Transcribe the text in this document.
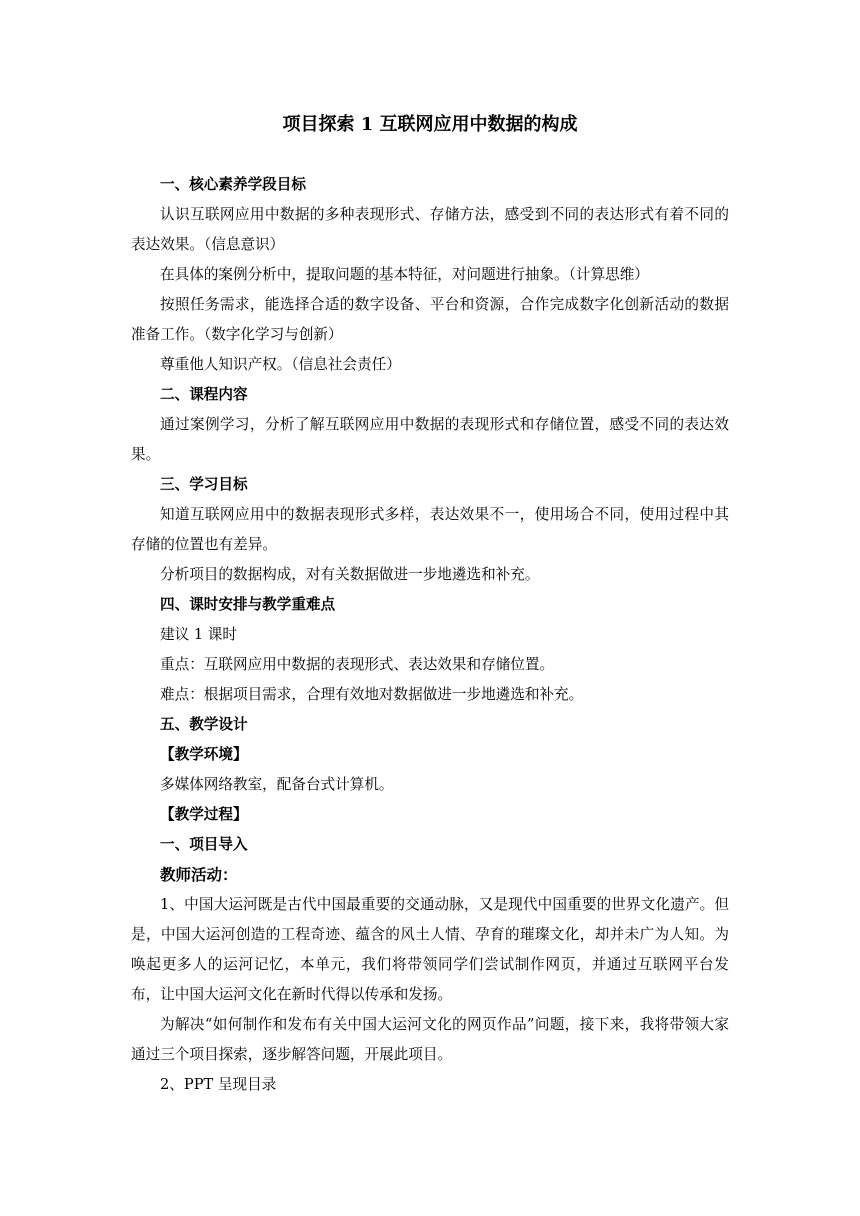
项目探索 1 互联网应用中数据的构成

一、核心素养学段目标

认识互联网应用中数据的多种表现形式、存储方法，感受到不同的表达形式有着不同的表达效果。（信息意识）

在具体的案例分析中，提取问题的基本特征，对问题进行抽象。（计算思维）

按照任务需求，能选择合适的数字设备、平台和资源，合作完成数字化创新活动的数据准备工作。（数字化学习与创新）

尊重他人知识产权。（信息社会责任）

二、课程内容

通过案例学习，分析了解互联网应用中数据的表现形式和存储位置，感受不同的表达效果。

三、学习目标

知道互联网应用中的数据表现形式多样，表达效果不一，使用场合不同，使用过程中其存储的位置也有差异。

分析项目的数据构成，对有关数据做进一步地遴选和补充。

四、课时安排与教学重难点

建议 1 课时

重点：互联网应用中数据的表现形式、表达效果和存储位置。

难点：根据项目需求，合理有效地对数据做进一步地遴选和补充。

五、教学设计

【教学环境】

多媒体网络教室，配备台式计算机。

【教学过程】

一、项目导入

教师活动：

1、中国大运河既是古代中国最重要的交通动脉，又是现代中国重要的世界文化遗产。但是，中国大运河创造的工程奇迹、蕴含的风土人情、孕育的璀璨文化，却并未广为人知。为唤起更多人的运河记忆，本单元，我们将带领同学们尝试制作网页，并通过互联网平台发布，让中国大运河文化在新时代得以传承和发扬。

为解决“如何制作和发布有关中国大运河文化的网页作品”问题，接下来，我将带领大家通过三个项目探索，逐步解答问题，开展此项目。

2、PPT 呈现目录
